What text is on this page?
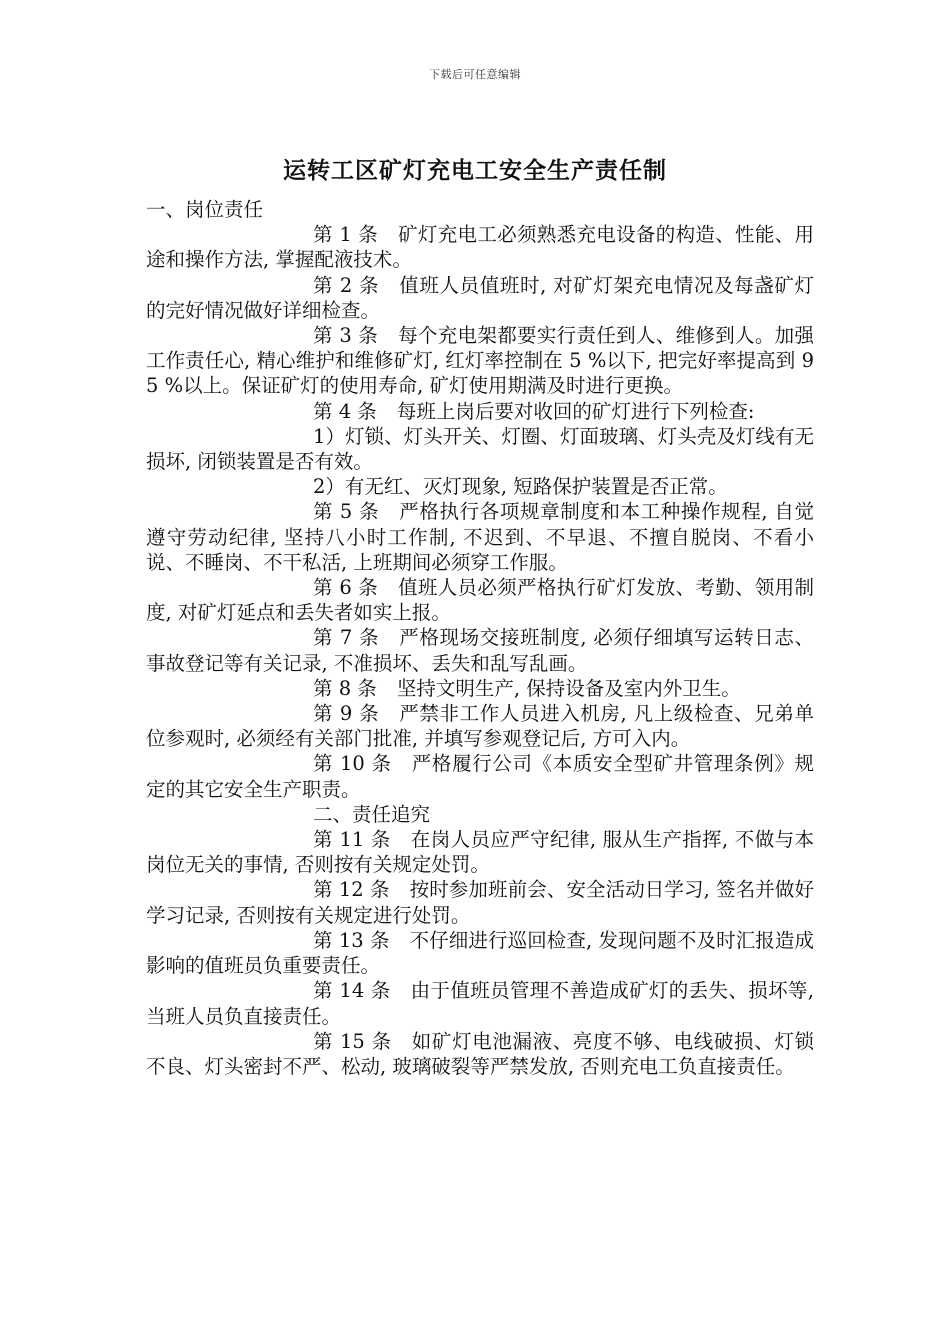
下载后可任意编辑
运转工区矿灯充电工安全生产责任制

一、岗位责任

第 1 条 矿灯充电工必须熟悉充电设备的构造、性能、用途和操作方法, 掌握配液技术。

第 2 条 值班人员值班时, 对矿灯架充电情况及每盏矿灯的完好情况做好详细检查。

第 3 条 每个充电架都要实行责任到人、维修到人。加强工作责任心, 精心维护和维修矿灯, 红灯率控制在 5 %以下, 把完好率提高到 95 %以上。保证矿灯的使用寿命, 矿灯使用期满及时进行更换。

第 4 条 每班上岗后要对收回的矿灯进行下列检查:

1）灯锁、灯头开关、灯圈、灯面玻璃、灯头壳及灯线有无损坏, 闭锁装置是否有效。

2）有无红、灭灯现象, 短路保护装置是否正常。

第 5 条 严格执行各项规章制度和本工种操作规程, 自觉遵守劳动纪律, 坚持八小时工作制, 不迟到、不早退、不擅自脱岗、不看小说、不睡岗、不干私活, 上班期间必须穿工作服。

第 6 条 值班人员必须严格执行矿灯发放、考勤、领用制度, 对矿灯延点和丢失者如实上报。

第 7 条 严格现场交接班制度, 必须仔细填写运转日志、事故登记等有关记录, 不准损坏、丢失和乱写乱画。

第 8 条 坚持文明生产, 保持设备及室内外卫生。

第 9 条 严禁非工作人员进入机房, 凡上级检查、兄弟单位参观时, 必须经有关部门批准, 并填写参观登记后, 方可入内。

第 10 条 严格履行公司《本质安全型矿井管理条例》规定的其它安全生产职责。

二、责任追究

第 11 条 在岗人员应严守纪律, 服从生产指挥, 不做与本岗位无关的事情, 否则按有关规定处罚。

第 12 条 按时参加班前会、安全活动日学习, 签名并做好学习记录, 否则按有关规定进行处罚。

第 13 条 不仔细进行巡回检查, 发现问题不及时汇报造成影响的值班员负重要责任。

第 14 条 由于值班员管理不善造成矿灯的丢失、损坏等, 当班人员负直接责任。

第 15 条 如矿灯电池漏液、亮度不够、电线破损、灯锁不良、灯头密封不严、松动, 玻璃破裂等严禁发放, 否则充电工负直接责任。
